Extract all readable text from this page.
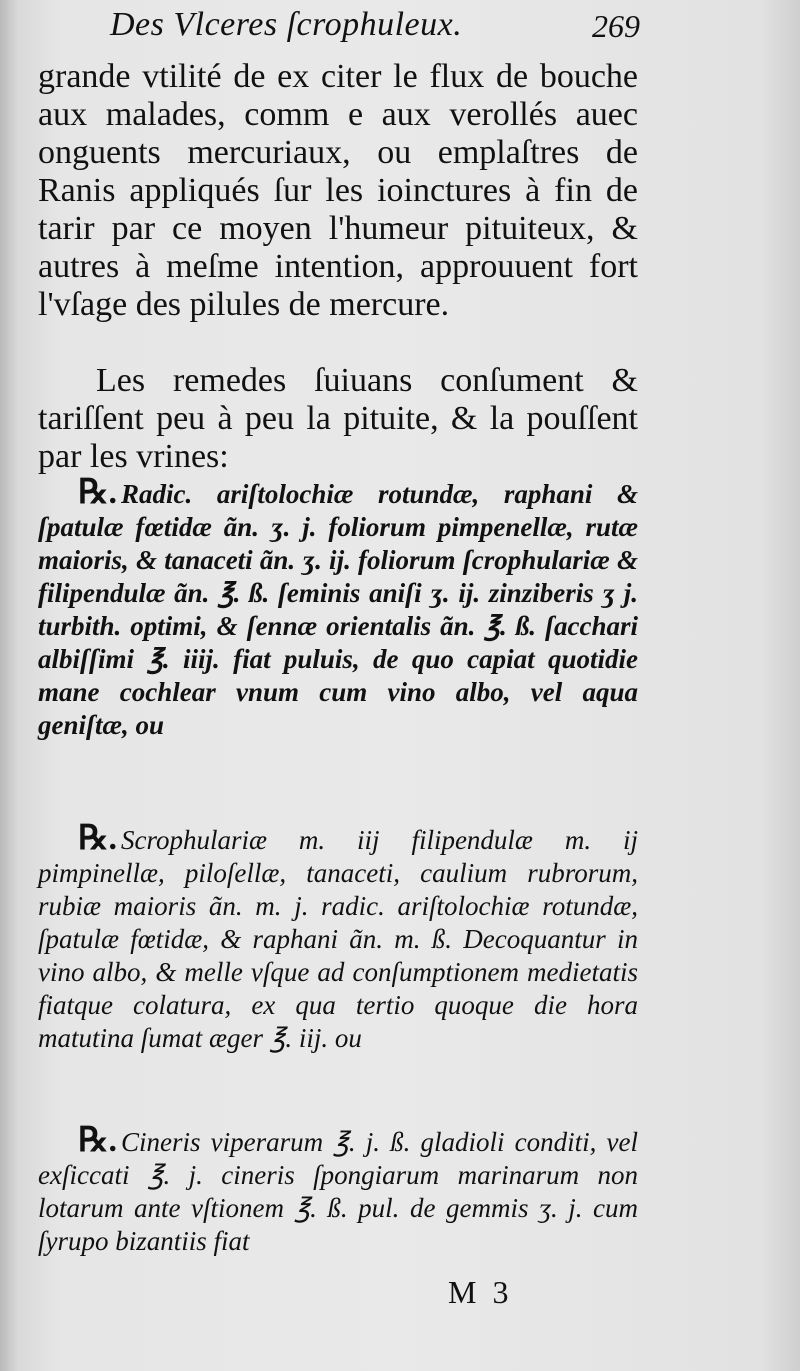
Des Vlceres ſcrophuleux.	269
grande vtilité de ex citer le flux de bouche aux malades, comm e aux verollés auec onguents mercuriaux, ou emplaſtres de Ranis appliqués ſur les ioinctures à fin de tarir par ce moyen l'humeur pituiteux, & autres à meſme intention, approuuent fort l'vſage des pilules de mercure.
Les remedes ſuiuans conſument & tariſſent peu à peu la pituite, & la pouſſent par les vrines:
℞. Radic. ariſtolochiæ rotundæ, raphani & ſpatulæ fœtidæ ãn. ʒ. j. foliorum pimpenellæ, rutæ maioris, & tanaceti ãn. ʒ. ij. foliorum ſcrophulariæ & filipendulæ ãn. ℥. ß. ſeminis aniſi ʒ. ij. zinziberis ʒ j. turbith. optimi, & ſennæ orientalis ãn. ℥. ß. ſacchari albiſſimi ℥. iiij. fiat puluis, de quo capiat quotidie mane cochlear vnum cum vino albo, vel aqua geniſtæ, ou
℞. Scrophulariæ m. iij filipendulæ m. ij pimpinellæ, piloſellæ, tanaceti, caulium rubrorum, rubiæ maioris ãn. m. j. radic. ariſtolochiæ rotundæ, ſpatulæ fœtidæ, & raphani ãn. m. ß. Decoquantur in vino albo, & melle vſque ad conſumptionem medietatis fiatque colatura, ex qua tertio quoque die hora matutina ſumat æger ℥. iij. ou
℞. Cineris viperarum ℥. j. ß. gladioli conditi, vel exſiccati ℥. j. cineris ſpongiarum marinarum non lotarum ante vſtionem ℥. ß. pul. de gemmis ʒ. j. cum ſyrupo bizantiis fiat
M 3
